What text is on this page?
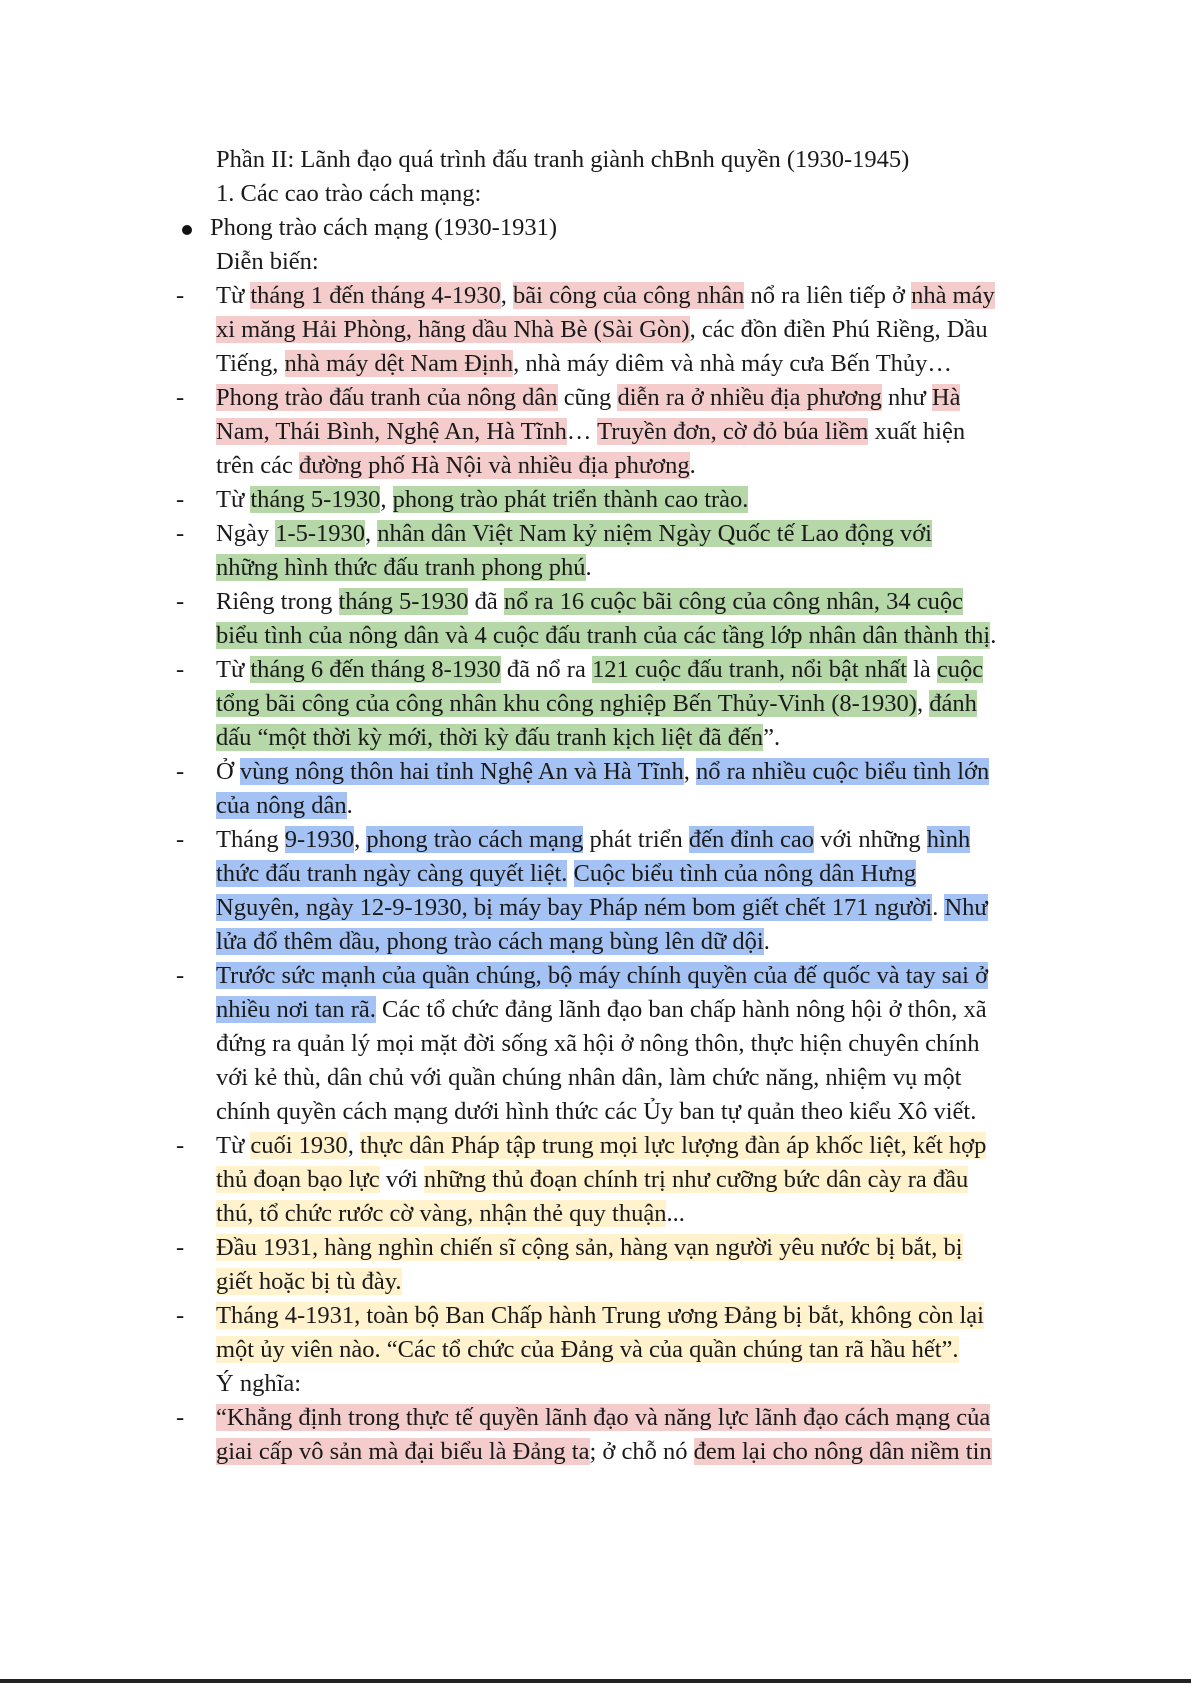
Phần II: Lãnh đạo quá trình đấu tranh giành chBnh quyền (1930-1945)
1. Các cao trào cách mạng:
Phong trào cách mạng (1930-1931)
Diễn biến:
- Từ tháng 1 đến tháng 4-1930, bãi công của công nhân nổ ra liên tiếp ở nhà máy
xi măng Hải Phòng, hãng dầu Nhà Bè (Sài Gòn), các đồn điền Phú Riềng, Dầu
Tiếng, nhà máy dệt Nam Định, nhà máy diêm và nhà máy cưa Bến Thủy…
- Phong trào đấu tranh của nông dân cũng diễn ra ở nhiều địa phương như Hà
Nam, Thái Bình, Nghệ An, Hà Tĩnh… Truyền đơn, cờ đỏ búa liềm xuất hiện
trên các đường phố Hà Nội và nhiều địa phương.
- Từ tháng 5-1930, phong trào phát triển thành cao trào.
- Ngày 1-5-1930, nhân dân Việt Nam kỷ niệm Ngày Quốc tế Lao động với
những hình thức đấu tranh phong phú.
- Riêng trong tháng 5-1930 đã nổ ra 16 cuộc bãi công của công nhân, 34 cuộc
biểu tình của nông dân và 4 cuộc đấu tranh của các tầng lớp nhân dân thành thị.
- Từ tháng 6 đến tháng 8-1930 đã nổ ra 121 cuộc đấu tranh, nổi bật nhất là cuộc
tổng bãi công của công nhân khu công nghiệp Bến Thủy-Vinh (8-1930), đánh
dấu “một thời kỳ mới, thời kỳ đấu tranh kịch liệt đã đến”.
- Ở vùng nông thôn hai tỉnh Nghệ An và Hà Tĩnh, nổ ra nhiều cuộc biểu tình lớn
của nông dân.
- Tháng 9-1930, phong trào cách mạng phát triển đến đỉnh cao với những hình
thức đấu tranh ngày càng quyết liệt. Cuộc biểu tình của nông dân Hưng
Nguyên, ngày 12-9-1930, bị máy bay Pháp ném bom giết chết 171 người. Như
lửa đổ thêm dầu, phong trào cách mạng bùng lên dữ dội.
- Trước sức mạnh của quần chúng, bộ máy chính quyền của đế quốc và tay sai ở
nhiều nơi tan rã. Các tổ chức đảng lãnh đạo ban chấp hành nông hội ở thôn, xã
đứng ra quản lý mọi mặt đời sống xã hội ở nông thôn, thực hiện chuyên chính
với kẻ thù, dân chủ với quần chúng nhân dân, làm chức năng, nhiệm vụ một
chính quyền cách mạng dưới hình thức các Ủy ban tự quản theo kiểu Xô viết.
- Từ cuối 1930, thực dân Pháp tập trung mọi lực lượng đàn áp khốc liệt, kết hợp
thủ đoạn bạo lực với những thủ đoạn chính trị như cưỡng bức dân cày ra đầu
thú, tổ chức rước cờ vàng, nhận thẻ quy thuận...
- Đầu 1931, hàng nghìn chiến sĩ cộng sản, hàng vạn người yêu nước bị bắt, bị
giết hoặc bị tù đày.
- Tháng 4-1931, toàn bộ Ban Chấp hành Trung ương Đảng bị bắt, không còn lại
một ủy viên nào. “Các tổ chức của Đảng và của quần chúng tan rã hầu hết”.
Ý nghĩa:
- “Khẳng định trong thực tế quyền lãnh đạo và năng lực lãnh đạo cách mạng của
giai cấp vô sản mà đại biểu là Đảng ta; ở chỗ nó đem lại cho nông dân niềm tin
